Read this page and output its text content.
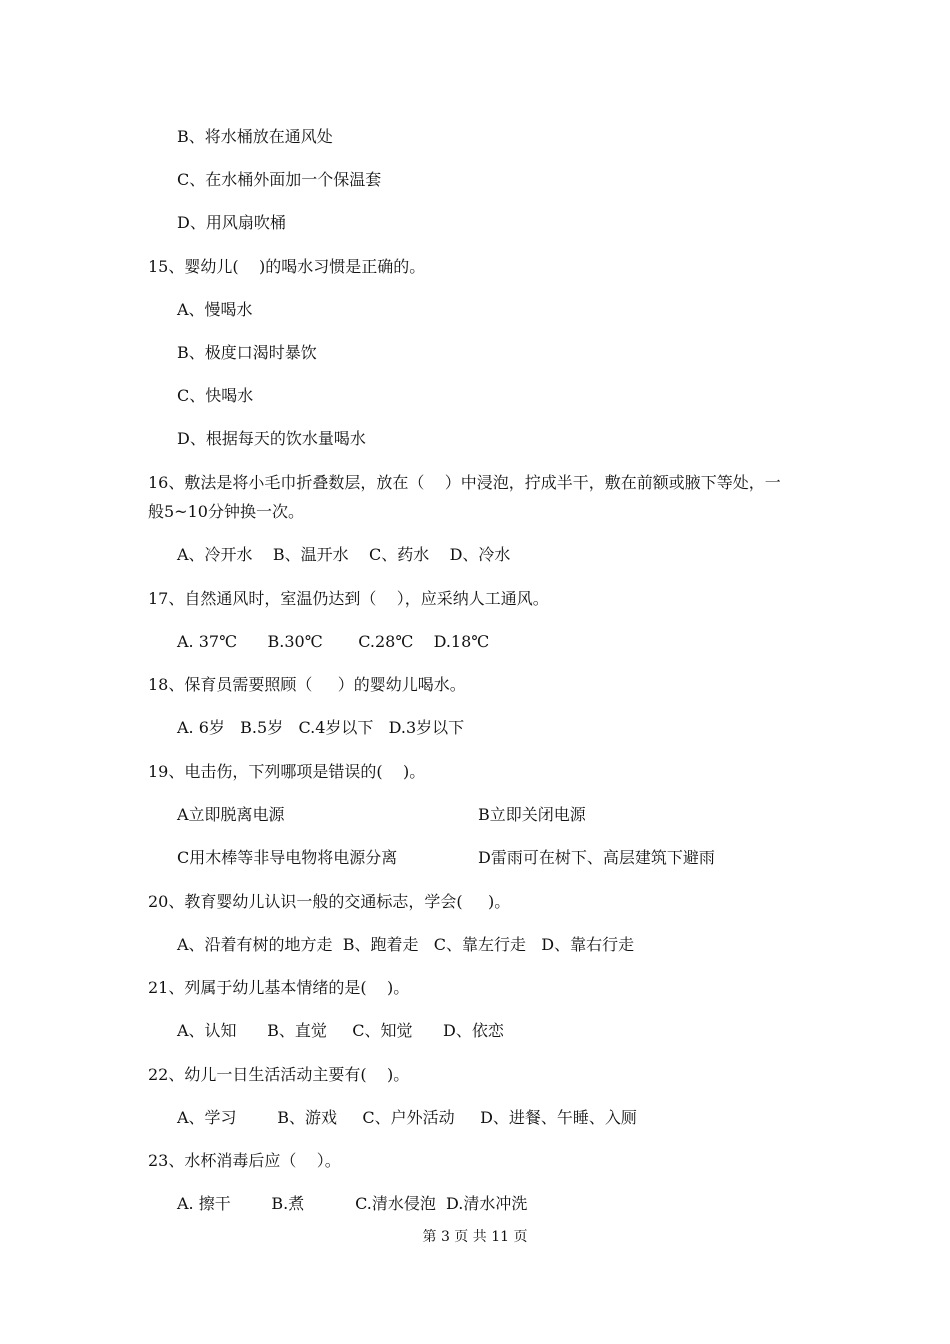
B、将水桶放在通风处
C、在水桶外面加一个保温套
D、用风扇吹桶
15、婴幼儿(    )的喝水习惯是正确的。
A、慢喝水
B、极度口渴时暴饮
C、快喝水
D、根据每天的饮水量喝水
16、敷法是将小毛巾折叠数层，放在（    ）中浸泡，拧成半干，敷在前额或腋下等处，一
般5~10分钟换一次。
A、冷开水    B、温开水    C、药水    D、冷水
17、自然通风时，室温仍达到（    ），应采纳人工通风。
A. 37℃      B.30℃       C.28℃    D.18℃
18、保育员需要照顾（     ）的婴幼儿喝水。
A. 6岁   B.5岁   C.4岁以下   D.3岁以下
19、电击伤，下列哪项是错误的(    )。
A立即脱离电源	B立即关闭电源
C用木棒等非导电物将电源分离	D雷雨可在树下、高层建筑下避雨
20、教育婴幼儿认识一般的交通标志，学会(     )。
A、沿着有树的地方走  B、跑着走   C、靠左行走   D、靠右行走
21、列属于幼儿基本情绪的是(    )。
A、认知      B、直觉     C、知觉      D、依恋
22、幼儿一日生活活动主要有(    )。
A、学习        B、游戏     C、户外活动     D、进餐、午睡、入厕
23、水杯消毒后应（    ）。
A. 擦干        B.煮          C.清水侵泡  D.清水冲洗
第 3 页 共 11 页
